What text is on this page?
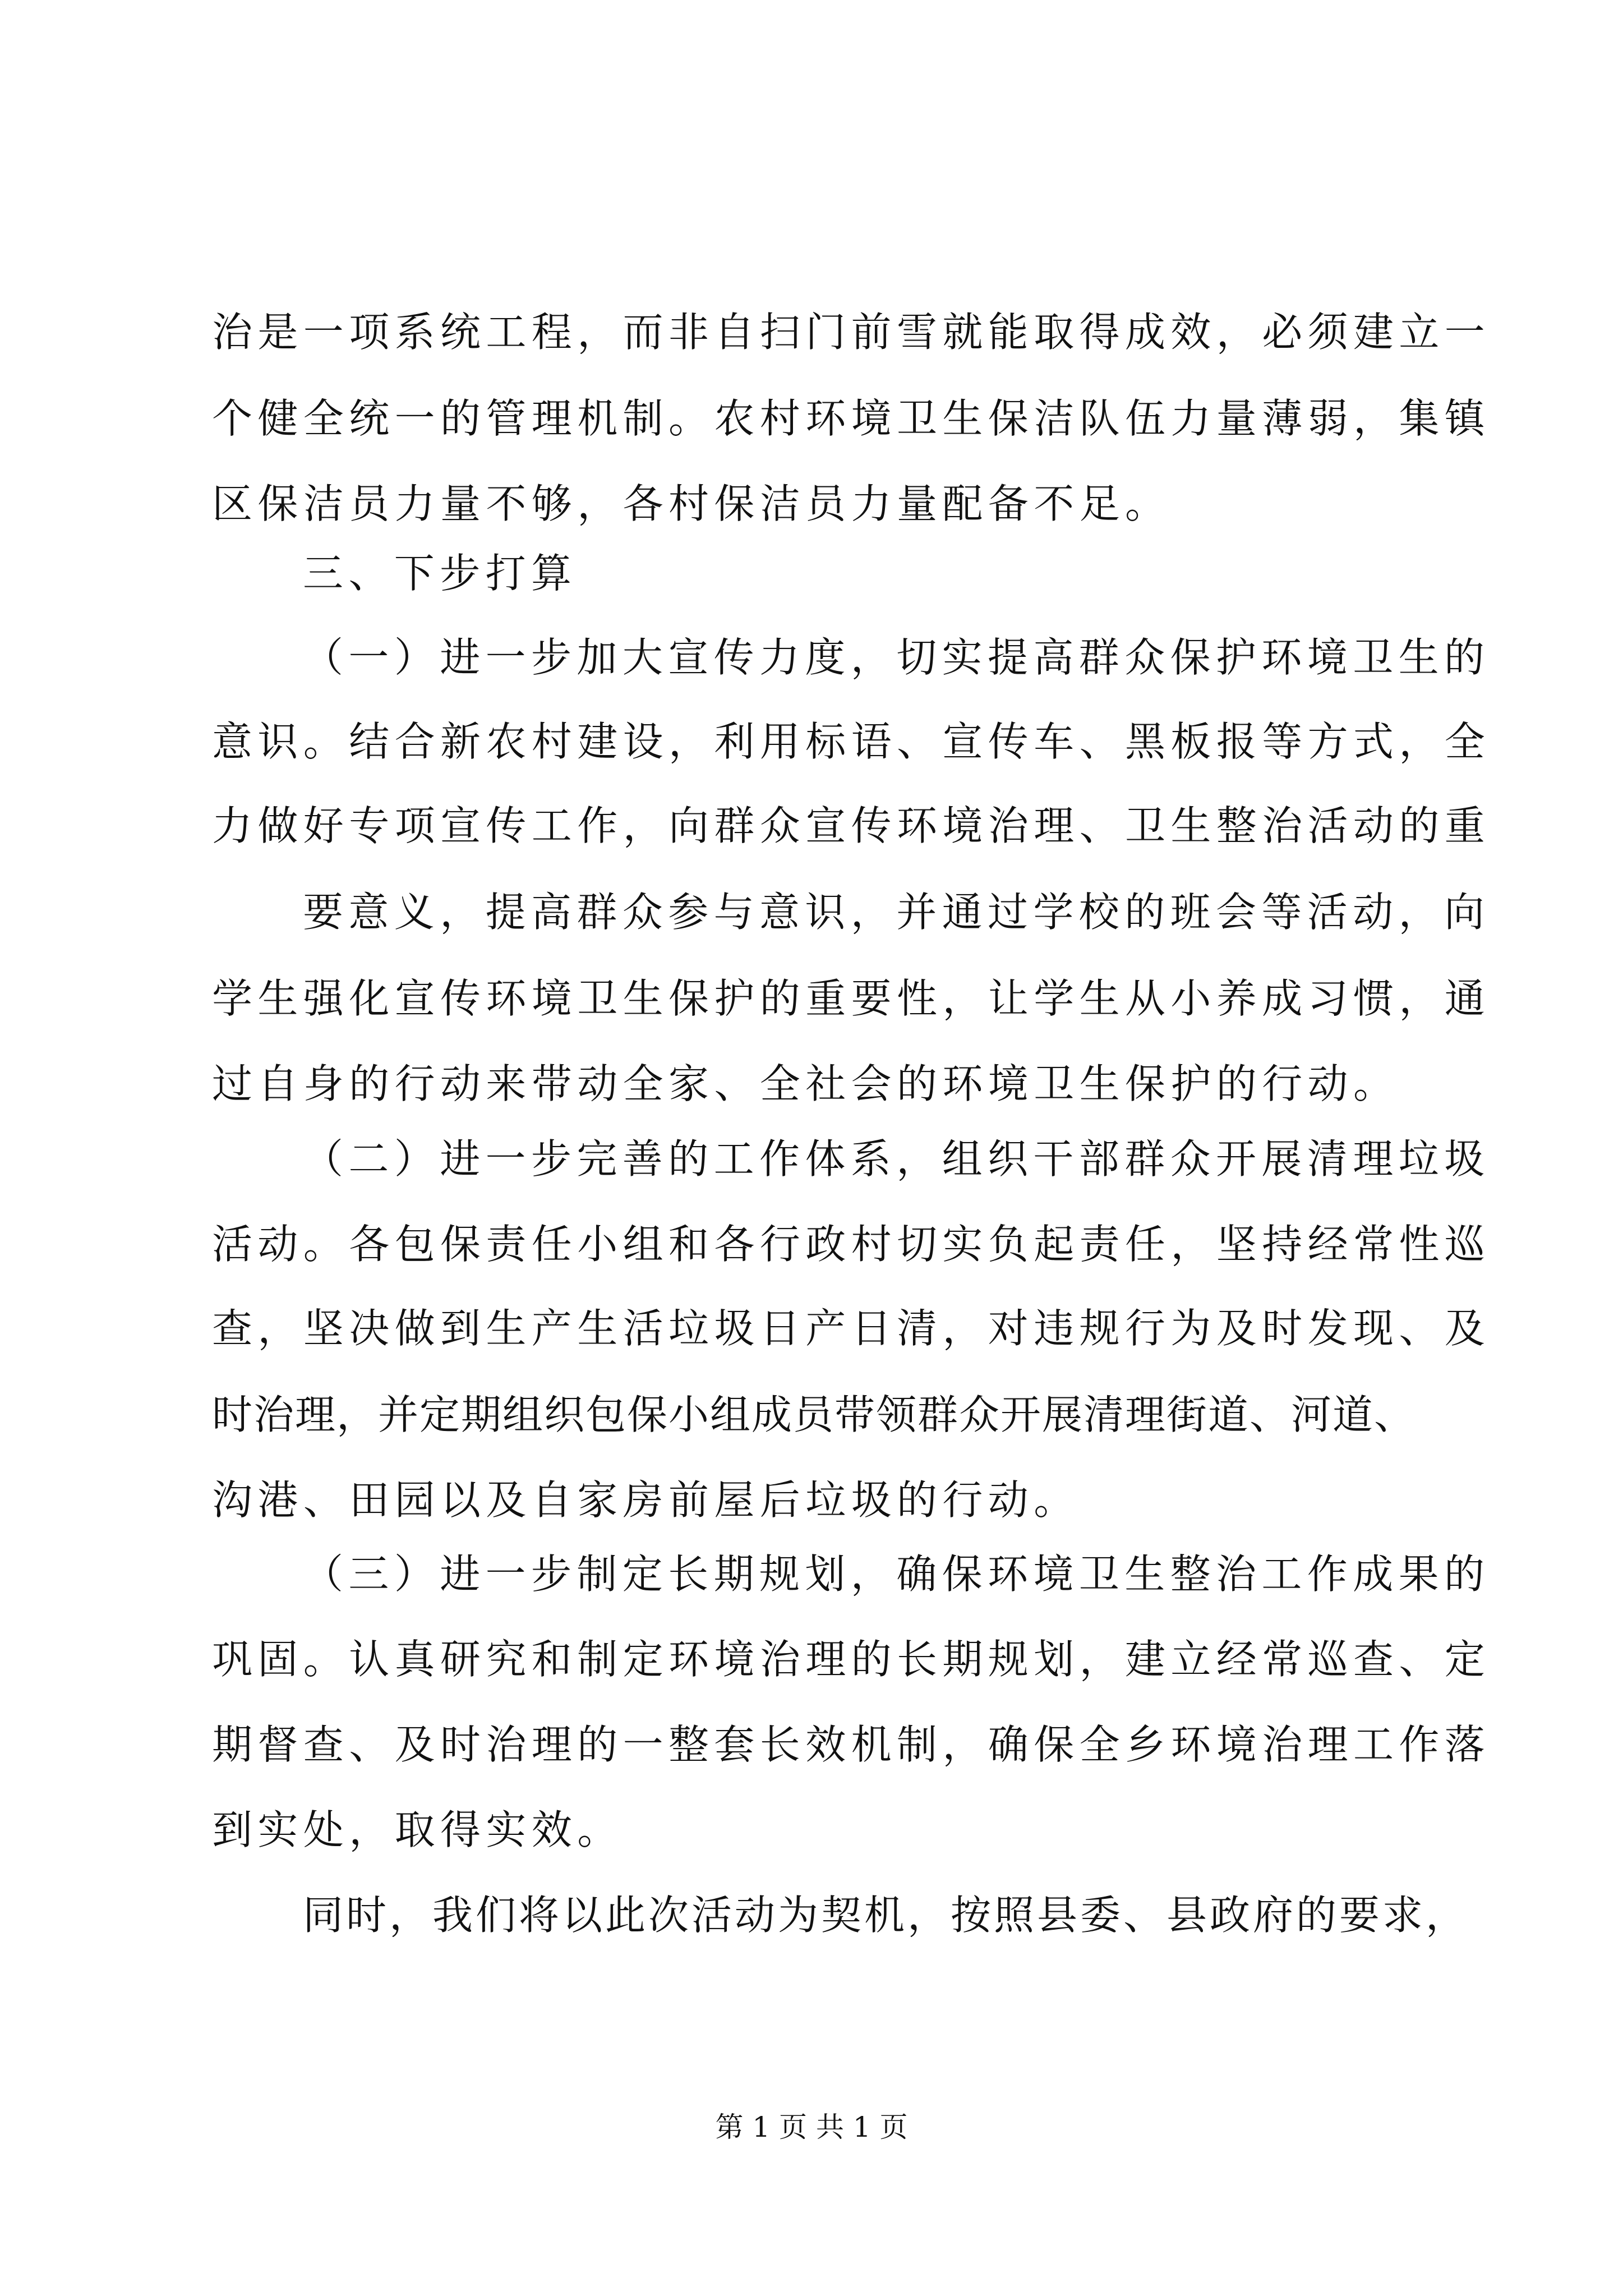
治是一项系统工程，而非自扫门前雪就能取得成效，必须建立一
个健全统一的管理机制。农村环境卫生保洁队伍力量薄弱，集镇
区保洁员力量不够，各村保洁员力量配备不足。
三、下步打算
（一）进一步加大宣传力度，切实提高群众保护环境卫生的
意识。结合新农村建设，利用标语、宣传车、黑板报等方式，全
力做好专项宣传工作，向群众宣传环境治理、卫生整治活动的重
要意义，提高群众参与意识，并通过学校的班会等活动，向
学生强化宣传环境卫生保护的重要性，让学生从小养成习惯，通
过自身的行动来带动全家、全社会的环境卫生保护的行动。
（二）进一步完善的工作体系，组织干部群众开展清理垃圾
活动。各包保责任小组和各行政村切实负起责任，坚持经常性巡
查，坚决做到生产生活垃圾日产日清，对违规行为及时发现、及
时治理，并定期组织包保小组成员带领群众开展清理街道、河道、
沟港、田园以及自家房前屋后垃圾的行动。
（三）进一步制定长期规划，确保环境卫生整治工作成果的
巩固。认真研究和制定环境治理的长期规划，建立经常巡查、定
期督查、及时治理的一整套长效机制，确保全乡环境治理工作落
到实处，取得实效。
同时，我们将以此次活动为契机，按照县委、县政府的要求，
第 1 页 共 1 页
